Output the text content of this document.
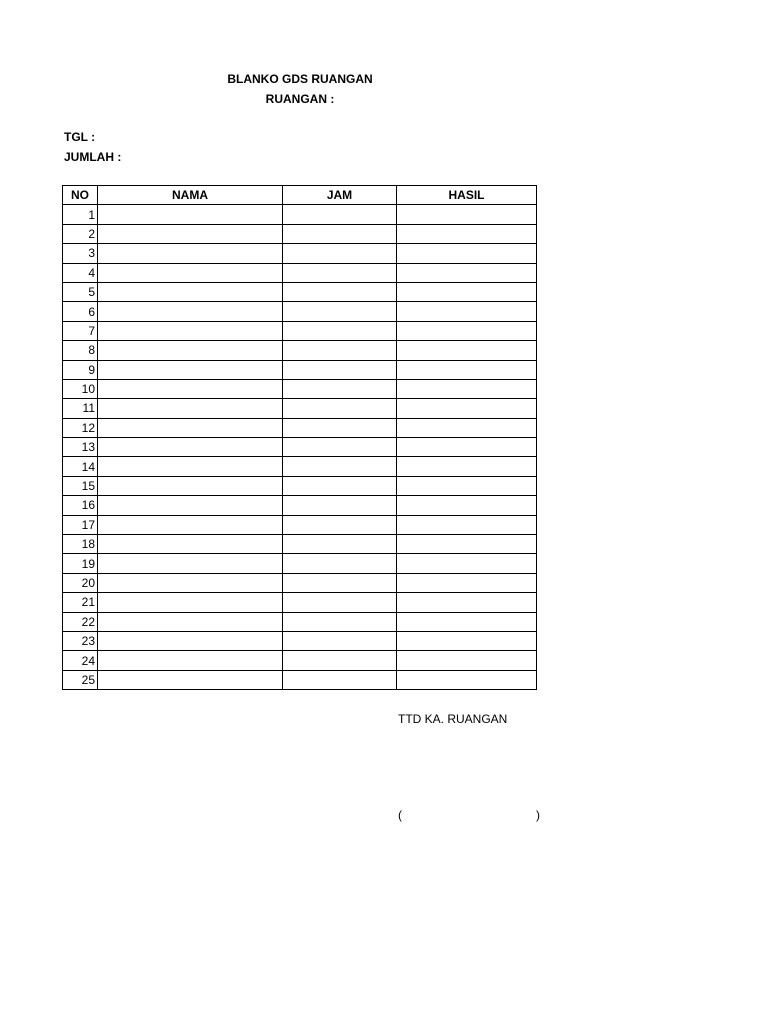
BLANKO GDS RUANGAN
RUANGAN :
TGL :
JUMLAH :
NO	NAMA	JAM	HASIL
1			
2			
3			
4			
5			
6			
7			
8			
9			
10			
11			
12			
13			
14			
15			
16			
17			
18			
19			
20			
21			
22			
23			
24			
25			
TTD KA. RUANGAN
(	)
